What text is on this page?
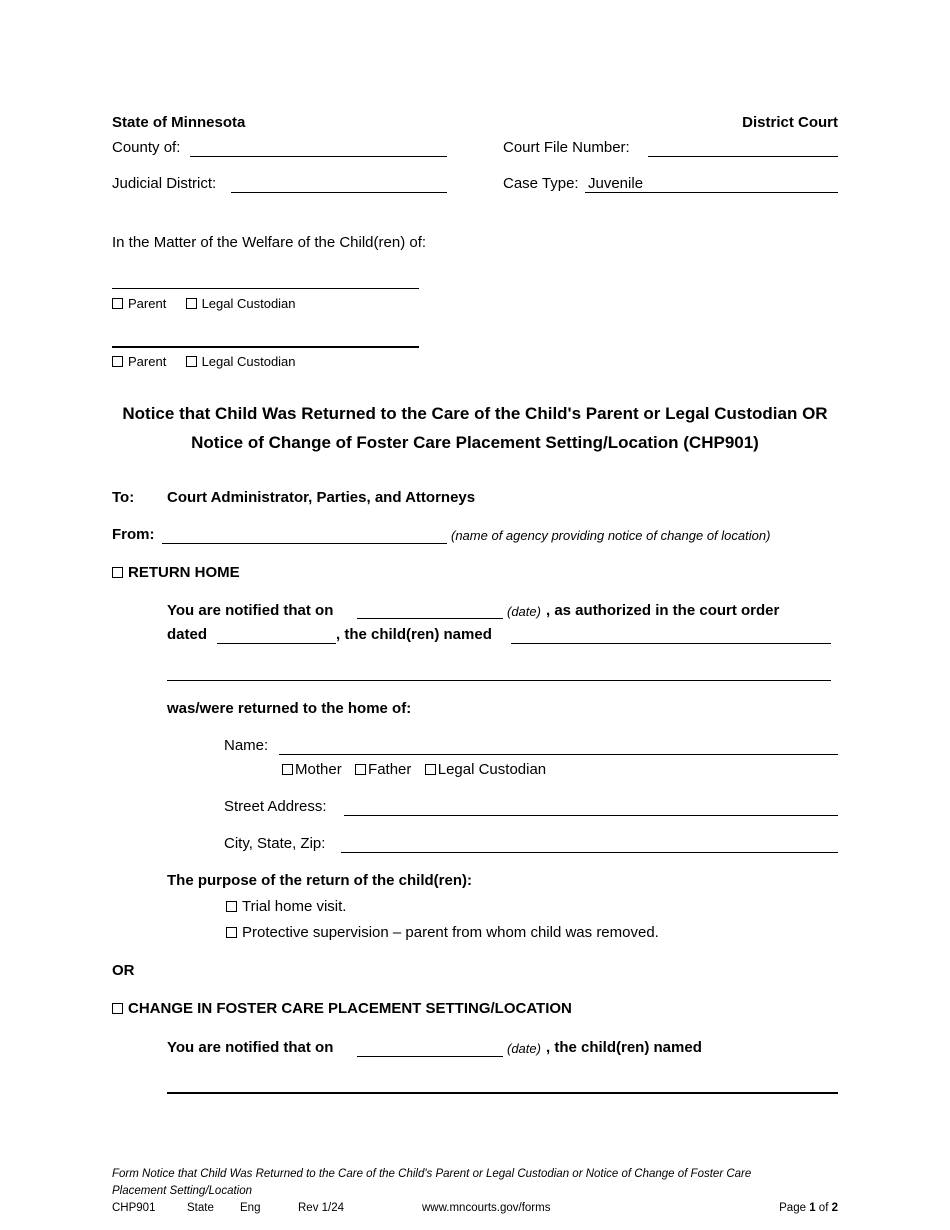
State of Minnesota	District Court
County of:	Court File Number:
Judicial District:	Case Type: Juvenile
In the Matter of the Welfare of the Child(ren) of:
Parent	Legal Custodian
Parent	Legal Custodian
Notice that Child Was Returned to the Care of the Child's Parent or Legal Custodian OR
Notice of Change of Foster Care Placement Setting/Location (CHP901)
To: Court Administrator, Parties, and Attorneys
From:	(name of agency providing notice of change of location)
RETURN HOME
You are notified that on	(date) , as authorized in the court order
dated	, the child(ren) named
was/were returned to the home of:
Name:
Mother Father Legal Custodian
Street Address:
City, State, Zip:
The purpose of the return of the child(ren):
Trial home visit.
Protective supervision – parent from whom child was removed.
OR
CHANGE IN FOSTER CARE PLACEMENT SETTING/LOCATION
You are notified that on	(date) , the child(ren) named
Form Notice that Child Was Returned to the Care of the Child's Parent or Legal Custodian or Notice of Change of Foster Care
Placement Setting/Location
CHP901	State Eng	Rev 1/24	www.mncourts.gov/forms	Page 1 of 2
